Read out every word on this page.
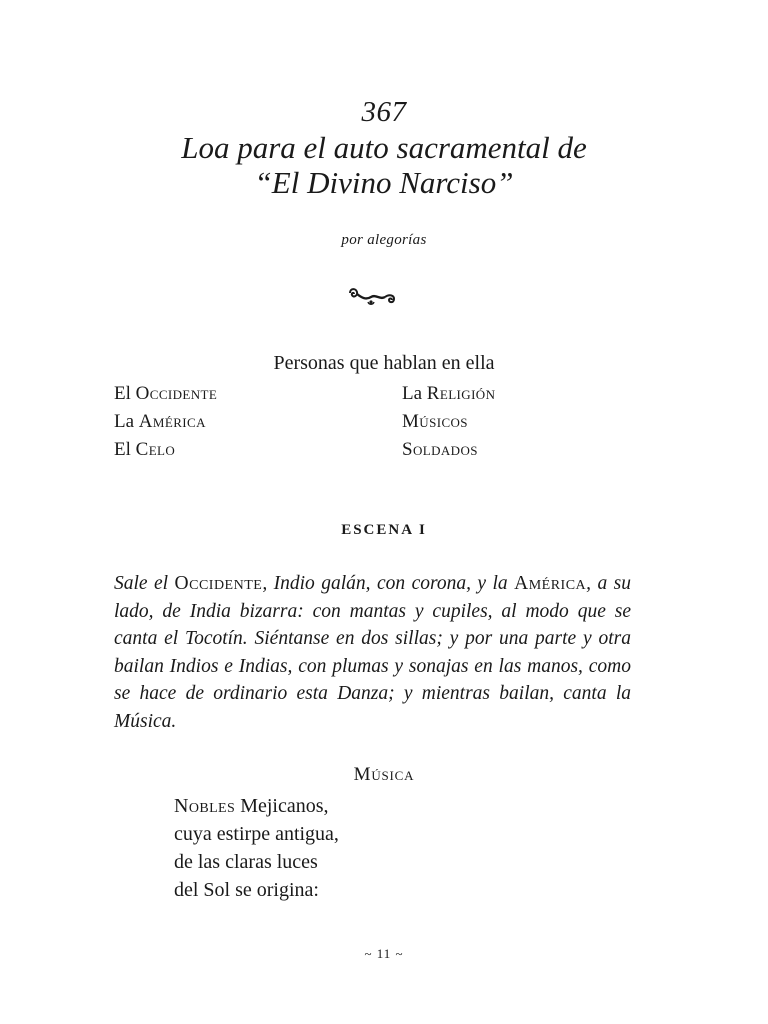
367
Loa para el auto sacramental de
“El Divino Narciso”
por alegorías
Personas que hablan en ella
El Occidente	La Religión
La América	Músicos
El Celo	Soldados
ESCENA I

Sale el Occidente, Indio galán, con corona, y la América, a su lado, de India bizarra: con mantas y cupiles, al modo que se canta el Tocotín. Siéntanse en dos sillas; y por una parte y otra bailan Indios e Indias, con plumas y sonajas en las manos, como se hace de ordinario esta Danza; y mientras bailan, canta la Música.

Música
Nobles Mejicanos,
cuya estirpe antigua,
de las claras luces
del Sol se origina:
~ 11 ~
